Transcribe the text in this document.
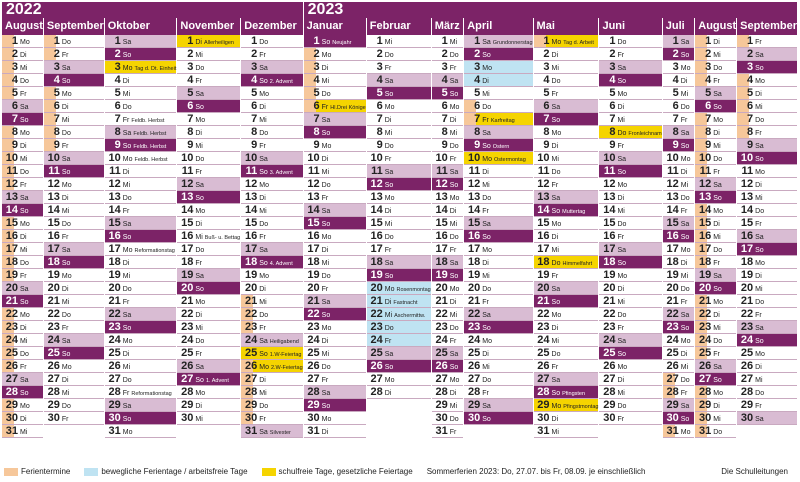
2022	2023
August
1 Mo
2 Di
3 Mi
4 Do
5 Fr
6 Sa
7 So
8 Mo
9 Di
10 Mi
11 Do
12 Fr
13 Sa
14 So
15 Mo
16 Di
17 Mi
18 Do
19 Fr
20 Sa
21 So
22 Mo
23 Di
24 Mi
25 Do
26 Fr
27 Sa
28 So
29 Mo
30 Di
31 Mi
September
1 Do
2 Fr
3 Sa
4 So
5 Mo
6 Di
7 Mi
8 Do
9 Fr
10 Sa
11 So
12 Mo
13 Di
14 Mi
15 Do
16 Fr
17 Sa
18 So
19 Mo
20 Di
21 Mi
22 Do
23 Fr
24 Sa
25 So
26 Mo
27 Di
28 Mi
29 Do
30 Fr
Oktober
1 Sa
2 So
3 Mo Tag d. Dt. Einheit
4 Di
5 Mi
6 Do
7 Fr Feldb. Herbst
8 Sa Feldb. Herbst
9 So Feldb. Herbst
10 Mo Feldb. Herbst
11 Di
12 Mi
13 Do
14 Fr
15 Sa
16 So
17 Mo Reformationstag
18 Di
19 Mi
20 Do
21 Fr
22 Sa
23 So
24 Mo
25 Di
26 Mi
27 Do
28 Fr Reformationstag
29 Sa
30 So
31 Mo
November
1 Di Allerheiligen
2 Mi
3 Do
4 Fr
5 Sa
6 So
7 Mo
8 Di
9 Mi
10 Do
11 Fr
12 Sa
13 So
14 Mo
15 Di
16 Mi Buß- u. Bettag
17 Do
18 Fr
19 Sa
20 So
21 Mo
22 Di
23 Mi
24 Do
25 Fr
26 Sa
27 So 1. Advent
28 Mo
29 Di
30 Mi
Dezember
1 Do
2 Fr
3 Sa
4 So 2. Advent
5 Mo
6 Di
7 Mi
8 Do
9 Fr
10 Sa
11 So 3. Advent
12 Mo
13 Di
14 Mi
15 Do
16 Fr
17 Sa
18 So 4. Advent
19 Mo
20 Di
21 Mi
22 Do
23 Fr
24 Sa Heiligabend
25 So 1.W-Feiertag
26 Mo 2.W-Feiertag
27 Di
28 Mi
29 Do
30 Fr
31 Sa Silvester
Januar
1 So Neujahr
2 Mo
3 Di
4 Mi
5 Do
6 Fr Hl.Drei Könige
7 Sa
8 So
9 Mo
10 Di
11 Mi
12 Do
13 Fr
14 Sa
15 So
16 Mo
17 Di
18 Mi
19 Do
20 Fr
21 Sa
22 So
23 Mo
24 Di
25 Mi
26 Do
27 Fr
28 Sa
29 So
30 Mo
31 Di
Februar
1 Mi
2 Do
3 Fr
4 Sa
5 So
6 Mo
7 Di
8 Mi
9 Do
10 Fr
11 Sa
12 So
13 Mo
14 Di
15 Mi
16 Do
17 Fr
18 Sa
19 So
20 Mo Rosenmontag
21 Di Fastnacht
22 Mi Aschermittw.
23 Do
24 Fr
25 Sa
26 So
27 Mo
28 Di
März
1 Mi
2 Do
3 Fr
4 Sa
5 So
6 Mo
7 Di
8 Mi
9 Do
10 Fr
11 Sa
12 So
13 Mo
14 Di
15 Mi
16 Do
17 Fr
18 Sa
19 So
20 Mo
21 Di
22 Mi
23 Do
24 Fr
25 Sa
26 So
27 Mo
28 Di
29 Mi
30 Do
31 Fr
April
1 Sa Grundonnerstag
2 So
3 Mo
4 Di
5 Mi
6 Do
7 Fr Karfreitag
8 Sa
9 So Ostern
10 Mo Ostermontag
11 Di
12 Mi
13 Do
14 Fr
15 Sa
16 So
17 Mo
18 Di
19 Mi
20 Do
21 Fr
22 Sa
23 So
24 Mo
25 Di
26 Mi
27 Do
28 Fr
29 Sa
30 So
Mai
1 Mo Tag d. Arbeit
2 Di
3 Mi
4 Do
5 Fr
6 Sa
7 So
8 Mo
9 Di
10 Mi
11 Do
12 Fr
13 Sa
14 So Muttertag
15 Mo
16 Di
17 Mi
18 Do Himmelfahrt
19 Fr
20 Sa
21 So
22 Mo
23 Di
24 Mi
25 Do
26 Fr
27 Sa
28 So Pfingsten
29 Mo Pfingstmontag
30 Di
31 Mi
Juni
1 Do
2 Fr
3 Sa
4 So
5 Mo
6 Di
7 Mi
8 Do Fronleichnam
9 Fr
10 Sa
11 So
12 Mo
13 Di
14 Mi
15 Do
16 Fr
17 Sa
18 So
19 Mo
20 Di
21 Mi
22 Do
23 Fr
24 Sa
25 So
26 Mo
27 Di
28 Mi
29 Do
30 Fr
Juli
1 Sa
2 So
3 Mo
4 Di
5 Mi
6 Do
7 Fr
8 Sa
9 So
10 Mo
11 Di
12 Mi
13 Do
14 Fr
15 Sa
16 So
17 Mo
18 Di
19 Mi
20 Do
21 Fr
22 Sa
23 So
24 Mo
25 Di
26 Mi
27 Do
28 Fr
29 Sa
30 So
31 Mo
August
1 Di
2 Mi
3 Do
4 Fr
5 Sa
6 So
7 Mo
8 Di
9 Mi
10 Do
11 Fr
12 Sa
13 So
14 Mo
15 Di
16 Mi
17 Do
18 Fr
19 Sa
20 So
21 Mo
22 Di
23 Mi
24 Do
25 Fr
26 Sa
27 So
28 Mo
29 Di
30 Mi
31 Do
September
1 Fr
2 Sa
3 So
4 Mo
5 Di
6 Mi
7 Do
8 Fr
9 Sa
10 So
11 Mo
12 Di
13 Mi
14 Do
15 Fr
16 Sa
17 So
18 Mo
19 Di
20 Mi
21 Do
22 Fr
23 Sa
24 So
25 Mo
26 Di
27 Mi
28 Do
29 Fr
30 Sa
Ferientermine	bewegliche Ferientage / arbeitsfreie Tage	schulfreie Tage, gesetzliche Feiertage Sommerferien 2023: Do, 27.07. bis Fr, 08.09. je einschließlich	Die Schulleitungen
